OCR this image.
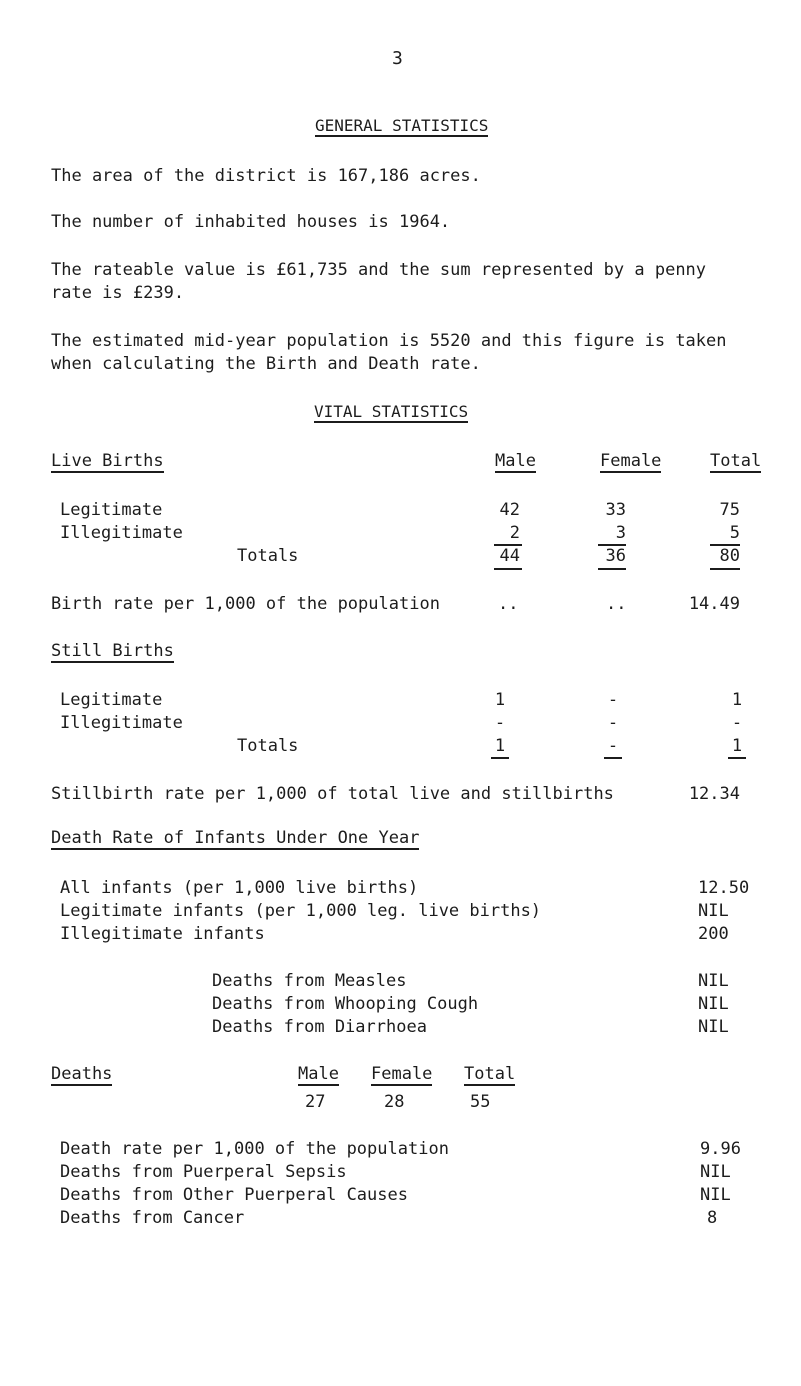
3
GENERAL STATISTICS
The area of the district is 167,186 acres.
The number of inhabited houses is 1964.
The rateable value is £61,735 and the sum represented by a penny
rate is £239.
The estimated mid-year population is 5520 and this figure is taken
when calculating the Birth and Death rate.
VITAL STATISTICS
Live Births	Male	Female	Total
Legitimate	42	33	75
Illegitimate	2	3	5
Totals	44	36	80
Birth rate per 1,000 of the population	..	..	14.49
Still Births
Legitimate	1	-	1
Illegitimate	-	-	-
Totals	1	-	1
Stillbirth rate per 1,000 of total live and stillbirths	12.34
Death Rate of Infants Under One Year
All infants (per 1,000 live births)	12.50
Legitimate infants (per 1,000 leg. live births)	NIL
Illegitimate infants	200
Deaths from Measles	NIL
Deaths from Whooping Cough	NIL
Deaths from Diarrhoea	NIL
Deaths	Male Female Total
27	28	55
Death rate per 1,000 of the population	9.96
Deaths from Puerperal Sepsis	NIL
Deaths from Other Puerperal Causes	NIL
Deaths from Cancer	8
